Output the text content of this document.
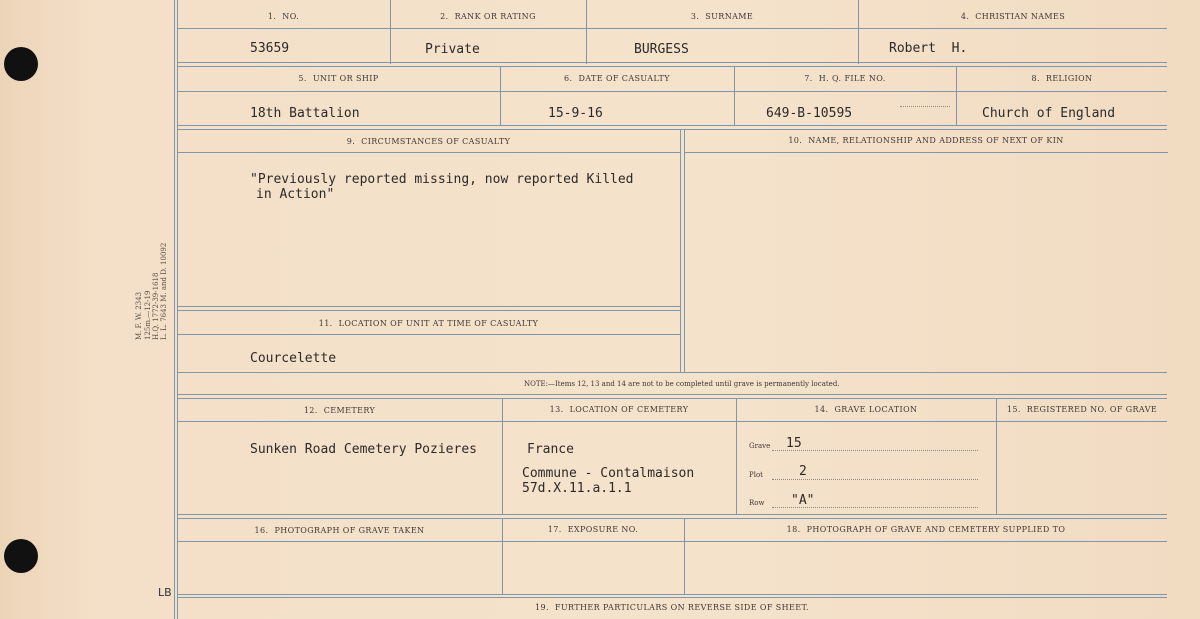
M. F. W. 2343 125m.—12-19 H.Q. 1772-39-1618 L. L. 7643 M. and D. 10092
LB
1. NO.	2. RANK OR RATING	3. SURNAME	4. CHRISTIAN NAMES
53659	Private	BURGESS	Robert  H.
5. UNIT OR SHIP	6. DATE OF CASUALTY	7. H. Q. FILE NO.	8. RELIGION
18th Battalion	15-9-16	649-B-10595	Church of England
9. CIRCUMSTANCES OF CASUALTY	10. NAME, RELATIONSHIP AND ADDRESS OF NEXT OF KIN
"Previously reported missing, now reported Killed
in Action"
11. LOCATION OF UNIT AT TIME OF CASUALTY
Courcelette
NOTE:—Items 12, 13 and 14 are not to be completed until grave is permanently located.
12. CEMETERY	13. LOCATION OF CEMETERY	14. GRAVE LOCATION	15. REGISTERED NO. OF GRAVE
Sunken Road Cemetery Pozieres	France
Commune - Contalmaison
57d.X.11.a.1.1
Grave 15
Plot	2
Row "A"
16. PHOTOGRAPH OF GRAVE TAKEN	17. EXPOSURE NO.	18. PHOTOGRAPH OF GRAVE AND CEMETERY SUPPLIED TO
19. FURTHER PARTICULARS ON REVERSE SIDE OF SHEET.
